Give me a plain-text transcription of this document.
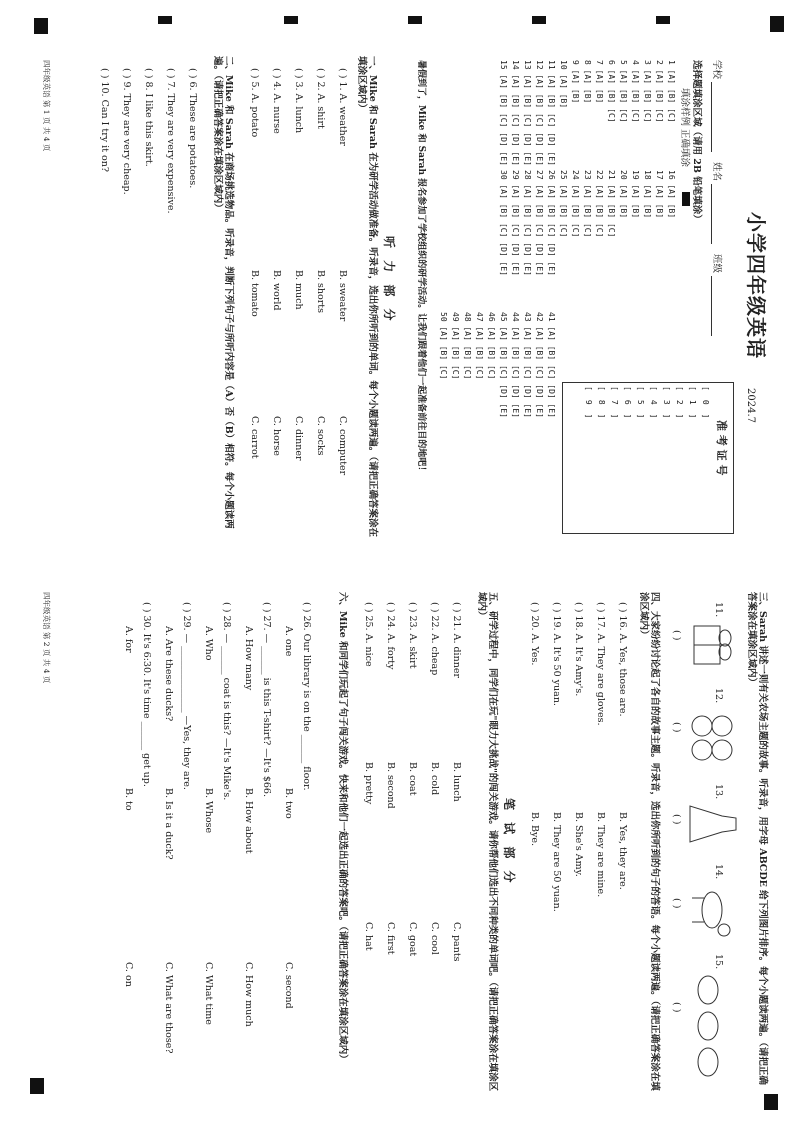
小学四年级英语
2024.7
学校
姓名
班级
选择题填涂区域（请用 2B 铅笔填涂）
填涂样例 正确填涂
1 [A] [B] [C]
2 [A] [B] [C]
3 [A] [B] [C]
4 [A] [B] [C]
5 [A] [B] [C]
6 [A] [B] [C]
7 [A] [B]
8 [A] [B]
9 [A] [B]
10 [A] [B]
11 [A] [B] [C] [D] [E]
12 [A] [B] [C] [D] [E]
13 [A] [B] [C] [D] [E]
14 [A] [B] [C] [D] [E]
15 [A] [B] [C] [D] [E]
16 [A] [B]
17 [A] [B]
18 [A] [B]
19 [A] [B]
20 [A] [B]
21 [A] [B] [C]
22 [A] [B] [C]
23 [A] [B] [C]
24 [A] [B] [C]
25 [A] [B] [C]
26 [A] [B] [C] [D] [E]
27 [A] [B] [C] [D] [E]
28 [A] [B] [C] [D] [E]
29 [A] [B] [C] [D] [E]
30 [A] [B] [C] [D] [E]
41 [A] [B] [C] [D] [E]
42 [A] [B] [C] [D] [E]
43 [A] [B] [C] [D] [E]
44 [A] [B] [C] [D] [E]
45 [A] [B] [C] [D] [E]
46 [A] [B] [C]
47 [A] [B] [C]
48 [A] [B] [C]
49 [A] [B] [C]
50 [A] [B] [C]
准 考 证 号
[0]
[1]
[2]
[3]
[4]
[5]
[6]
[7]
[8]
[9]
暑假到了，Mike 和 Sarah 报名参加了学校组织的研学活动。让我们跟着他们一起准备前往目的地吧！
听 力 部 分
一、Mike 和 Sarah 在为研学活动做准备。听录音，选出你所听到的单词。每个小题读两遍。（请把正确答案涂在填涂区域内）
( ) 1. A. weather
B. sweater
C. computer
( ) 2. A. shirt
B. shorts
C. socks
( ) 3. A. lunch
B. much
C. dinner
( ) 4. A. nurse
B. world
C. horse
( ) 5. A. potato
B. tomato
C. carrot
二、Mike 和 Sarah 在商场挑选物品。听录音，判断下列句子与所听内容是（A）否（B）相符。每个小题读两遍。（请把正确答案涂在填涂区域内）
( ) 6. These are potatoes.
( ) 7. They are very expensive.
( ) 8. I like this skirt.
( ) 9. They are very cheap.
( ) 10. Can I try it on?
四年级英语 第 1 页 共 4 页
三、Sarah 讲述一则有关农场主题的故事。听录音，用字母 ABCDE 给下列图片排序。每个小题读两遍。（请把正确答案涂在填涂区域内）
11.
12.
13.
14.
15.
( )
( )
( )
( )
( )
四、大家纷纷讨论起了各自的故事主题。听录音，选出你所听到的句子的答语。每个小题读两遍。（请把正确答案涂在填涂区域内）
( ) 16. A. Yes, those are.
B. Yes, they are.
( ) 17. A. They are gloves.
B. They are mine.
( ) 18. A. It's Amy's.
B. She's Amy.
( ) 19. A. It's 50 yuan.
B. They are 50 yuan.
( ) 20. A. Yes.
B. Bye.
笔 试 部 分
五、研学过程中，同学们在玩"眼力大挑战"的闯关游戏。请你帮他们选出不同种类的单词吧。（请把正确答案涂在填涂区域内）
( ) 21. A. dinner
B. lunch
C. pants
( ) 22. A. cheap
B. cold
C. cool
( ) 23. A. skirt
B. coat
C. goat
( ) 24. A. forty
B. second
C. first
( ) 25. A. nice
B. pretty
C. hat
六、Mike 和同学们玩起了句子闯关游戏。快来和他们一起选出正确的答案吧。（请把正确答案涂在填涂区域内）
( ) 26. Our library is on the ______ floor.
A. one
B. two
C. second
( ) 27. — ______ is this T-shirt? —It's $66.
A. How many
B. How about
C. How much
( ) 28. — ______ coat is this? —It's Mike's.
A. Who
B. Whose
C. What time
( ) 29. — ______________ —Yes, they are.
A. Are these ducks?
B. Is it a duck?
C. What are those?
( ) 30. It's 6:30. It's time ______ get up.
A. for
B. to
C. on
四年级英语 第 2 页 共 4 页
